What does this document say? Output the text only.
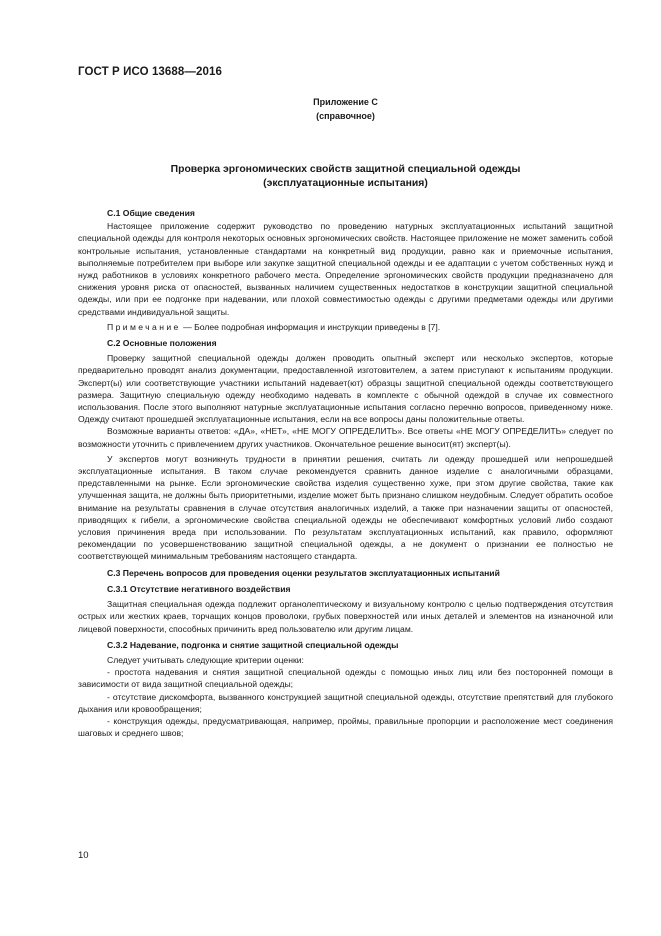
ГОСТ Р ИСО 13688—2016
Приложение С
(справочное)
Проверка эргономических свойств защитной специальной одежды
(эксплуатационные испытания)

С.1 Общие сведения

Настоящее приложение содержит руководство по проведению натурных эксплуатационных испытаний защитной специальной одежды для контроля некоторых основных эргономических свойств. Настоящее приложение не может заменить собой контрольные испытания, установленные стандартами на конкретный вид продукции, равно как и приемочные испытания, выполняемые потребителем при выборе или закупке защитной специальной одежды и ее адаптации с учетом собственных нужд и нужд работников в условиях конкретного рабочего места. Определение эргономических свойств продукции предназначено для снижения уровня риска от опасностей, вызванных наличием существенных недостатков в конструкции защитной специальной одежды, или при ее подгонке при надевании, или плохой совместимостью одежды с другими предметами одежды или другими средствами индивидуальной защиты.

Примечание — Более подробная информация и инструкции приведены в [7].

С.2 Основные положения

Проверку защитной специальной одежды должен проводить опытный эксперт или несколько экспертов, которые предварительно проводят анализ документации, предоставленной изготовителем, а затем приступают к испытаниям продукции. Эксперт(ы) или соответствующие участники испытаний надевает(ют) образцы защитной специальной одежды соответствующего размера. Защитную специальную одежду необходимо надевать в комплекте с обычной одеждой в случае их совместного использования. После этого выполняют натурные эксплуатационные испытания согласно перечню вопросов, приведенному ниже. Одежду считают прошедшей эксплуатационные испытания, если на все вопросы даны положительные ответы.

Возможные варианты ответов: «ДА», «НЕТ», «НЕ МОГУ ОПРЕДЕЛИТЬ». Все ответы «НЕ МОГУ ОПРЕДЕЛИТЬ» следует по возможности уточнить с привлечением других участников. Окончательное решение выносит(ят) эксперт(ы).

У экспертов могут возникнуть трудности в принятии решения, считать ли одежду прошедшей или непрошедшей эксплуатационные испытания. В таком случае рекомендуется сравнить данное изделие с аналогичными образцами, представленными на рынке. Если эргономические свойства изделия существенно хуже, при этом другие свойства, такие как улучшенная защита, не должны быть приоритетными, изделие может быть признано слишком неудобным. Следует обратить особое внимание на результаты сравнения в случае отсутствия аналогичных изделий, а также при назначении защиты от опасностей, приводящих к гибели, а эргономические свойства специальной одежды не обеспечивают комфортных условий либо создают условия причинения вреда при использовании. По результатам эксплуатационных испытаний, как правило, оформляют рекомендации по усовершенствованию защитной специальной одежды, а не документ о признании ее полностью не соответствующей минимальным требованиям настоящего стандарта.

С.3 Перечень вопросов для проведения оценки результатов эксплуатационных испытаний

С.3.1 Отсутствие негативного воздействия

Защитная специальная одежда подлежит органолептическому и визуальному контролю с целью подтверждения отсутствия острых или жестких краев, торчащих концов проволоки, грубых поверхностей или иных деталей и элементов на изнаночной или лицевой поверхности, способных причинить вред пользователю или другим лицам.

С.3.2 Надевание, подгонка и снятие защитной специальной одежды

Следует учитывать следующие критерии оценки:

- простота надевания и снятия защитной специальной одежды с помощью иных лиц или без посторонней помощи в зависимости от вида защитной специальной одежды;

- отсутствие дискомфорта, вызванного конструкцией защитной специальной одежды, отсутствие препятствий для глубокого дыхания или кровообращения;

- конструкция одежды, предусматривающая, например, проймы, правильные пропорции и расположение мест соединения шаговых и среднего швов;

10
